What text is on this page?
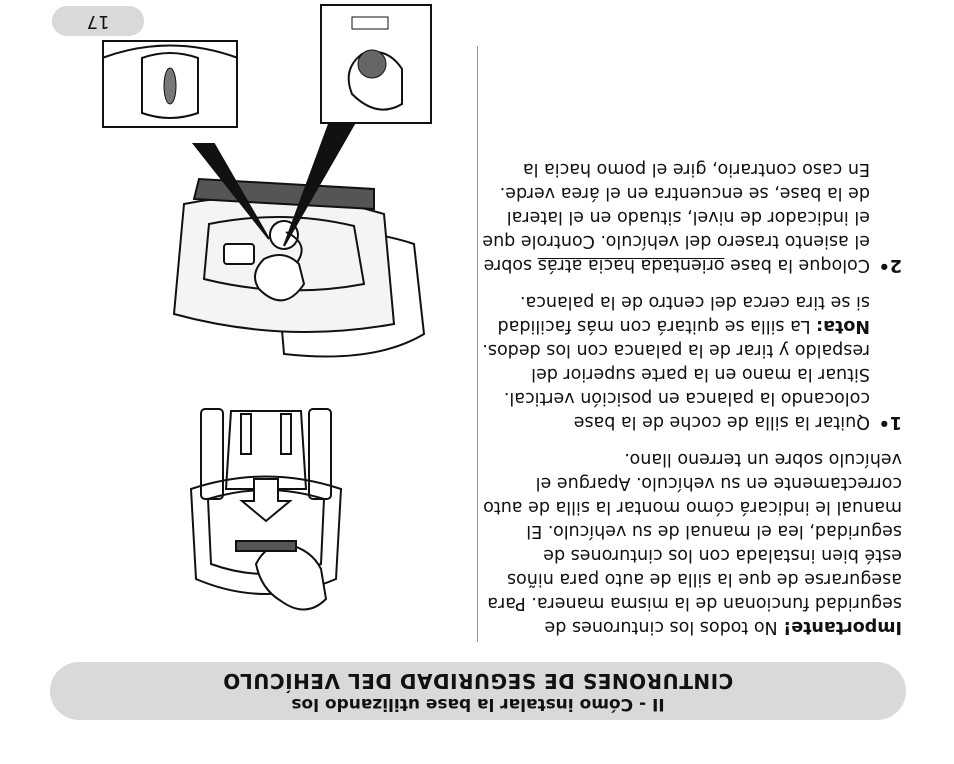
II - Cómo instalar la base utilizando los
CINTURONES DE SEGURIDAD DEL VEHÍCULO

Importante! No todos los cinturones de seguridad funcionan de la misma manera. Para asegurarse de que la silla de auto para niños esté bien instalada con los cinturones de seguridad, lea el manual de su vehículo. El manual le indicará cómo montar la silla de auto correctamente en su vehículo. Apargue el vehículo sobre un terreno llano.

1•
Quitar la silla de coche de la base colocando la palanca en posición vertical. Situar la mano en la parte superior del respaldo y tirar de la palanca con los dedos.
Nota: La silla se quitará con más facilidad si se tira cerca del centro de la palanca.
2•
Coloque la base orientada hacia atrás sobre el asiento trasero del vehículo. Controle que el indicador de nivel, situado en el lateral de la base, se encuentra en el área verde. En caso contrario, gire el pomo hacia la
17
